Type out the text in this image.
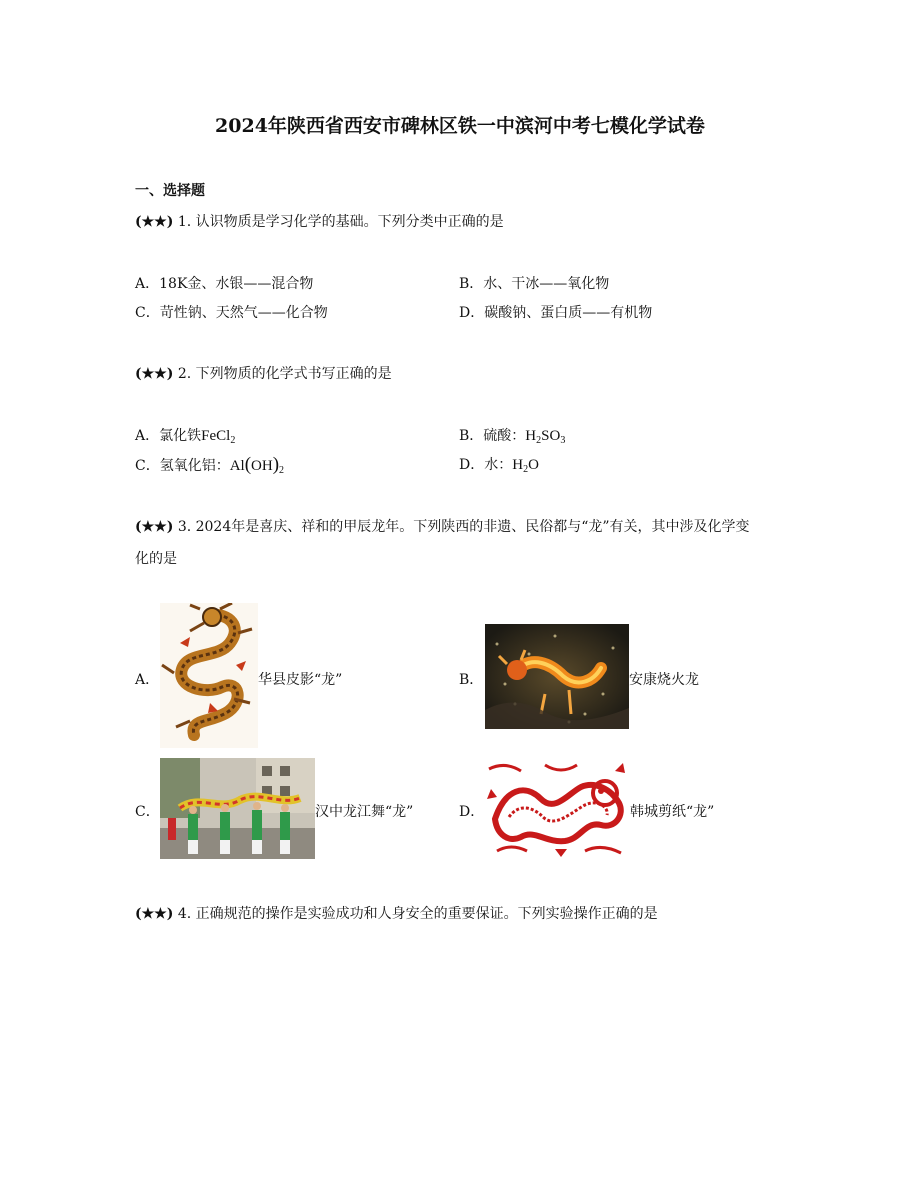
2024年陕西省西安市碑林区铁一中滨河中考七模化学试卷
一、选择题
(★★) 1. 认识物质是学习化学的基础。下列分类中正确的是
A．18K金、水银——混合物	B．水、干冰——氧化物
C．苛性钠、天然气——化合物	D．碳酸钠、蛋白质——有机物
(★★) 2. 下列物质的化学式书写正确的是
A．氯化铁FeCl$_2$	B．硫酸：$H_2SO_3$
C．氢氧化铝：$Al(OH)_2$	D．水：$H_2O$
(★★) 3. 2024年是喜庆、祥和的甲辰龙年。下列陕西的非遗、民俗都与“龙”有关，其中涉及化学变
化的是
A．	华县皮影“龙”	B．	安康烧火龙
C．	汉中龙江舞“龙”	D．	韩城剪纸“龙”
(★★) 4. 正确规范的操作是实验成功和人身安全的重要保证。下列实验操作正确的是
